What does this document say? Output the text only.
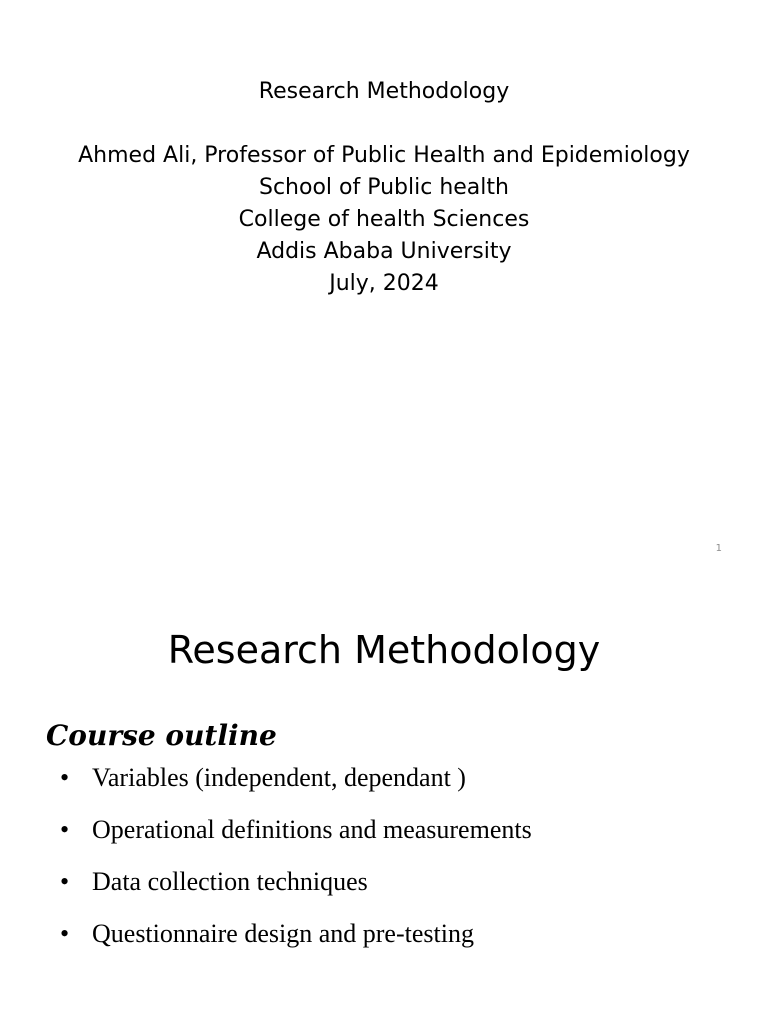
Research Methodology
Ahmed Ali, Professor of Public Health and Epidemiology
School of Public health
College of health Sciences
Addis Ababa University
July, 2024
1
Research Methodology
Course outline
• Variables (independent, dependant )
• Operational definitions and measurements
• Data collection techniques
• Questionnaire design and pre-testing
